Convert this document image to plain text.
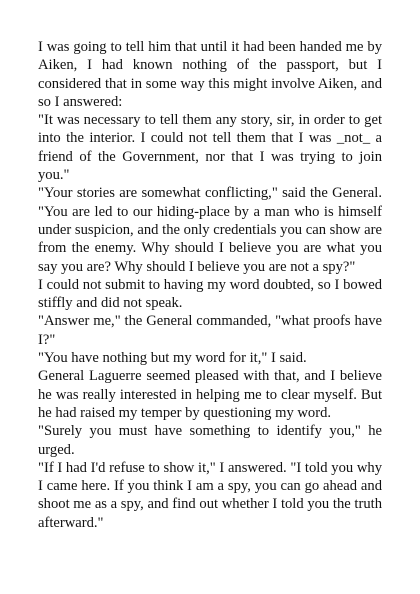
I was going to tell him that until it had been handed me by Aiken, I had known nothing of the passport, but I considered that in some way this might involve Aiken, and so I answered:

"It was necessary to tell them any story, sir, in order to get into the interior. I could not tell them that I was _not_ a friend of the Government, nor that I was trying to join you."

"Your stories are somewhat conflicting," said the General. "You are led to our hiding-place by a man who is himself under suspicion, and the only credentials you can show are from the enemy. Why should I believe you are what you say you are? Why should I believe you are not a spy?"

I could not submit to having my word doubted, so I bowed stiffly and did not speak.

"Answer me," the General commanded, "what proofs have I?"

"You have nothing but my word for it," I said.

General Laguerre seemed pleased with that, and I believe he was really interested in helping me to clear myself. But he had raised my temper by questioning my word.

"Surely you must have something to identify you," he urged.

"If I had I'd refuse to show it," I answered. "I told you why I came here. If you think I am a spy, you can go ahead and shoot me as a spy, and find out whether I told you the truth afterward."
